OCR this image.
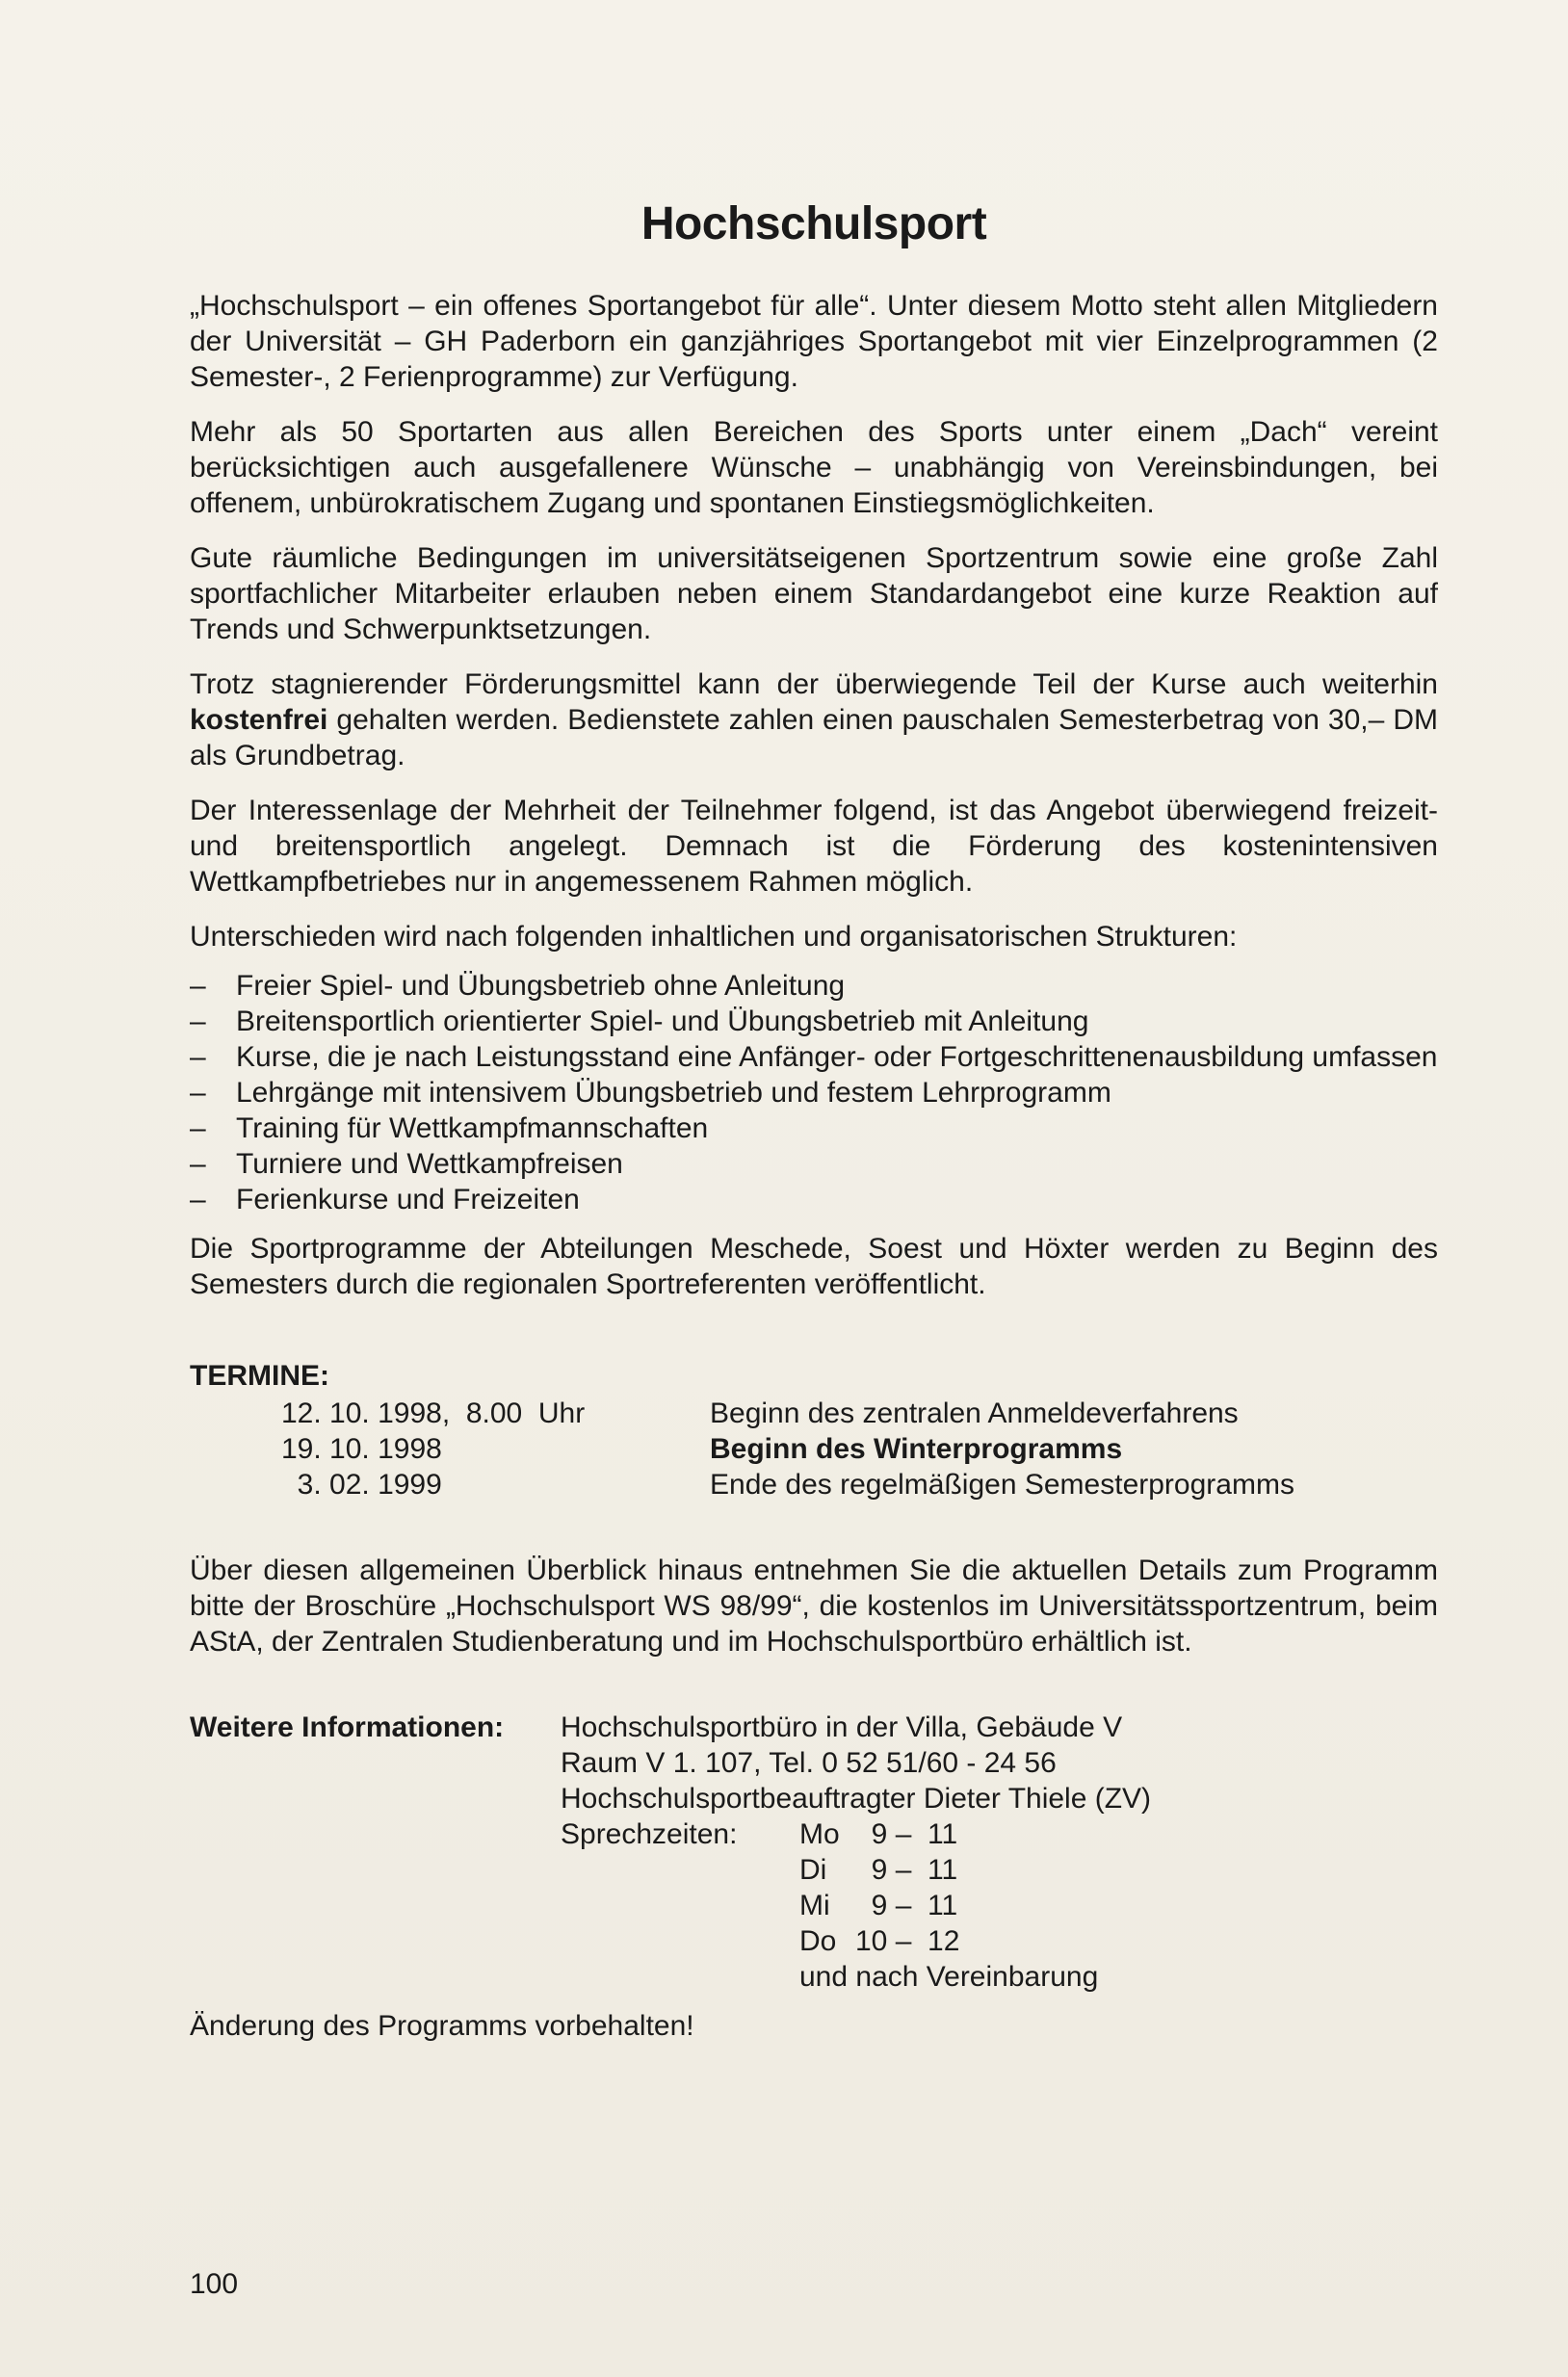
Hochschulsport

„Hochschulsport – ein offenes Sportangebot für alle“. Unter diesem Motto steht allen Mitgliedern der Universität – GH Paderborn ein ganzjähriges Sportangebot mit vier Einzelprogrammen (2 Semester-, 2 Ferienprogramme) zur Verfügung.

Mehr als 50 Sportarten aus allen Bereichen des Sports unter einem „Dach“ vereint berücksichtigen auch ausgefallenere Wünsche – unabhängig von Vereinsbindungen, bei offenem, unbürokratischem Zugang und spontanen Einstiegsmöglichkeiten.

Gute räumliche Bedingungen im universitätseigenen Sportzentrum sowie eine große Zahl sportfachlicher Mitarbeiter erlauben neben einem Standardangebot eine kurze Reaktion auf Trends und Schwerpunktsetzungen.

Trotz stagnierender Förderungsmittel kann der überwiegende Teil der Kurse auch weiterhin kostenfrei gehalten werden. Bedienstete zahlen einen pauschalen Semesterbetrag von 30,– DM als Grundbetrag.

Der Interessenlage der Mehrheit der Teilnehmer folgend, ist das Angebot überwiegend freizeit- und breitensportlich angelegt. Demnach ist die Förderung des kostenintensiven Wettkampfbetriebes nur in angemessenem Rahmen möglich.

Unterschieden wird nach folgenden inhaltlichen und organisatorischen Strukturen:

– Freier Spiel- und Übungsbetrieb ohne Anleitung
– Breitensportlich orientierter Spiel- und Übungsbetrieb mit Anleitung
– Kurse, die je nach Leistungsstand eine Anfänger- oder Fortgeschrittenenausbildung umfassen
– Lehrgänge mit intensivem Übungsbetrieb und festem Lehrprogramm
– Training für Wettkampfmannschaften
– Turniere und Wettkampfreisen
– Ferienkurse und Freizeiten

Die Sportprogramme der Abteilungen Meschede, Soest und Höxter werden zu Beginn des Semesters durch die regionalen Sportreferenten veröffentlicht.

TERMINE:
12. 10. 1998,  8.00  Uhr	Beginn des zentralen Anmeldeverfahrens
19. 10. 1998	Beginn des Winterprogramms
3. 02. 1999	Ende des regelmäßigen Semesterprogramms

Über diesen allgemeinen Überblick hinaus entnehmen Sie die aktuellen Details zum Programm bitte der Broschüre „Hochschulsport WS 98/99“, die kostenlos im Universitätssportzentrum, beim AStA, der Zentralen Studienberatung und im Hochschulsportbüro erhältlich ist.

Weitere Informationen:	Hochschulsportbüro in der Villa, Gebäude V
Raum V 1. 107, Tel. 0 52 51/60 - 24 56
Hochschulsportbeauftragter Dieter Thiele (ZV)
Sprechzeiten:	Mo  9 –  11
Di  9 –  11
Mi  9 –  11
Do 10 –  12
und nach Vereinbarung

Änderung des Programms vorbehalten!

100
